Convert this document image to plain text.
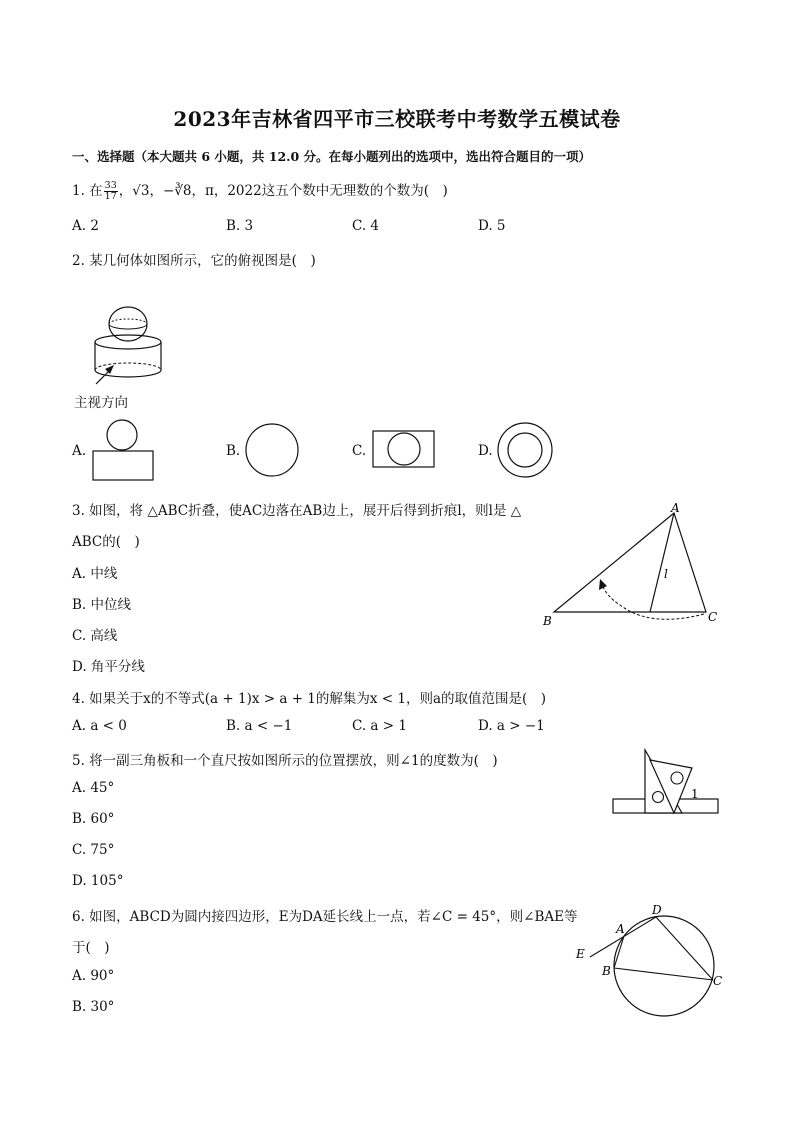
2023年吉林省四平市三校联考中考数学五模试卷
一、选择题（本大题共 6 小题，共 12.0 分。在每小题列出的选项中，选出符合题目的一项）
1. 在 $\frac{33}{17}$ ，√3，−∛8，π，2022这五个数中无理数的个数为(　)
A. 2	B. 3	C. 4	D. 5
2. 某几何体如图所示，它的俯视图是(　)
主视方向
A.	B.	C.	D.
3. 如图，将 △ABC折叠，使AC边落在AB边上，展开后得到折痕l，则l是 △
ABC的(　)
A. 中线
B. 中位线
C. 高线
D. 角平分线
A
B	C
l
4. 如果关于x的不等式(a + 1)x > a + 1的解集为x < 1，则a的取值范围是(　)
A. a < 0	B. a < −1	C. a > 1	D. a > −1
5. 将一副三角板和一个直尺按如图所示的位置摆放，则∠1的度数为(　)
A. 45°
B. 60°
C. 75°
D. 105°
1
6. 如图，ABCD为圆内接四边形，E为DA延长线上一点，若∠C = 45°，则∠BAE等
于(　)
A. 90°
B. 30°
D
A
E
B
C
